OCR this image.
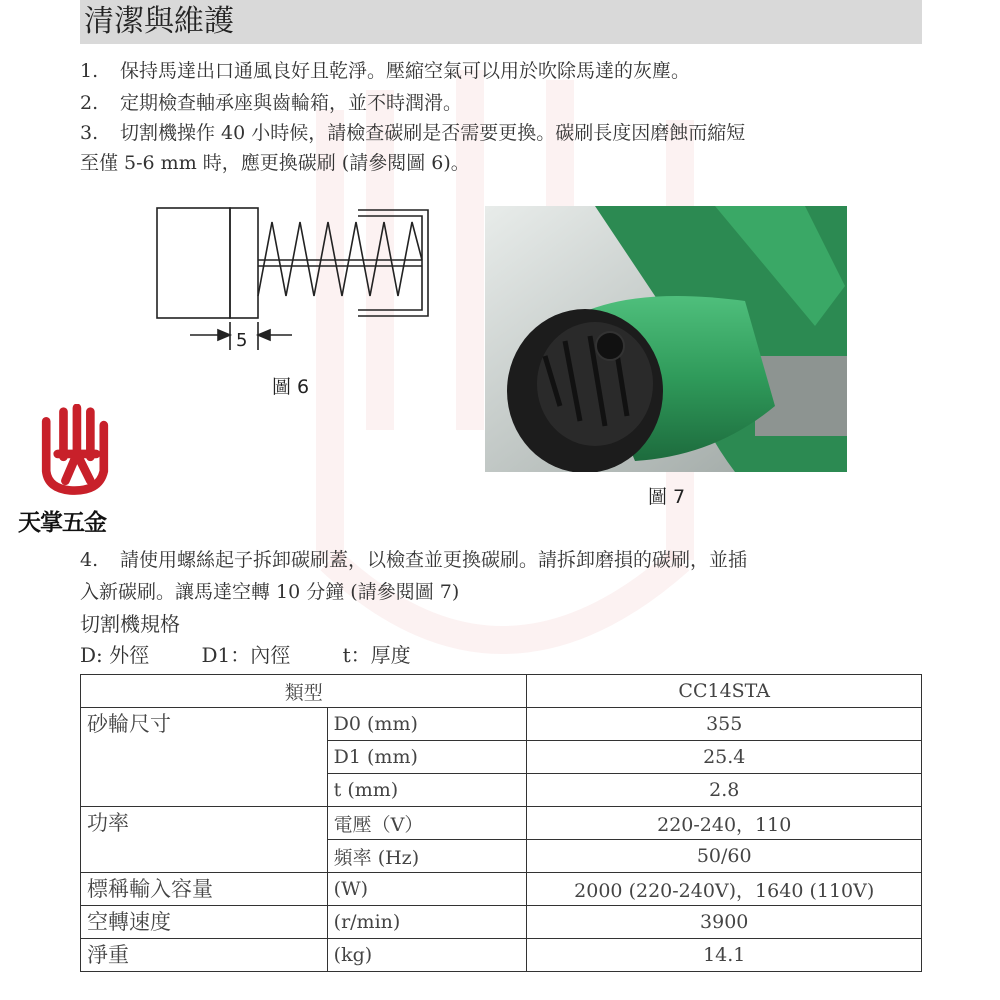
清潔與維護
1. 保持馬達出口通風良好且乾淨。壓縮空氣可以用於吹除馬達的灰塵。
2. 定期檢查軸承座與齒輪箱，並不時潤滑。
3. 切割機操作 40 小時候，請檢查碳刷是否需要更換。碳刷長度因磨蝕而縮短
至僅 5-6 mm 時，應更換碳刷 (請參閱圖 6)。
5
圖 6
圖 7
天掌五金
4. 請使用螺絲起子拆卸碳刷蓋，以檢查並更換碳刷。請拆卸磨損的碳刷，並插
入新碳刷。讓馬達空轉 10 分鐘 (請參閱圖 7)
切割機規格
D: 外徑	D1：內徑	t：厚度
類型		CC14STA
砂輪尺寸	D0 (mm)	355
	D1 (mm)	25.4
	t (mm)	2.8
功率	電壓（V）	220-240，110
	頻率 (Hz)	50/60
標稱輸入容量	(W)	2000 (220-240V)，1640 (110V)
空轉速度	(r/min)	3900
淨重	(kg)	14.1
